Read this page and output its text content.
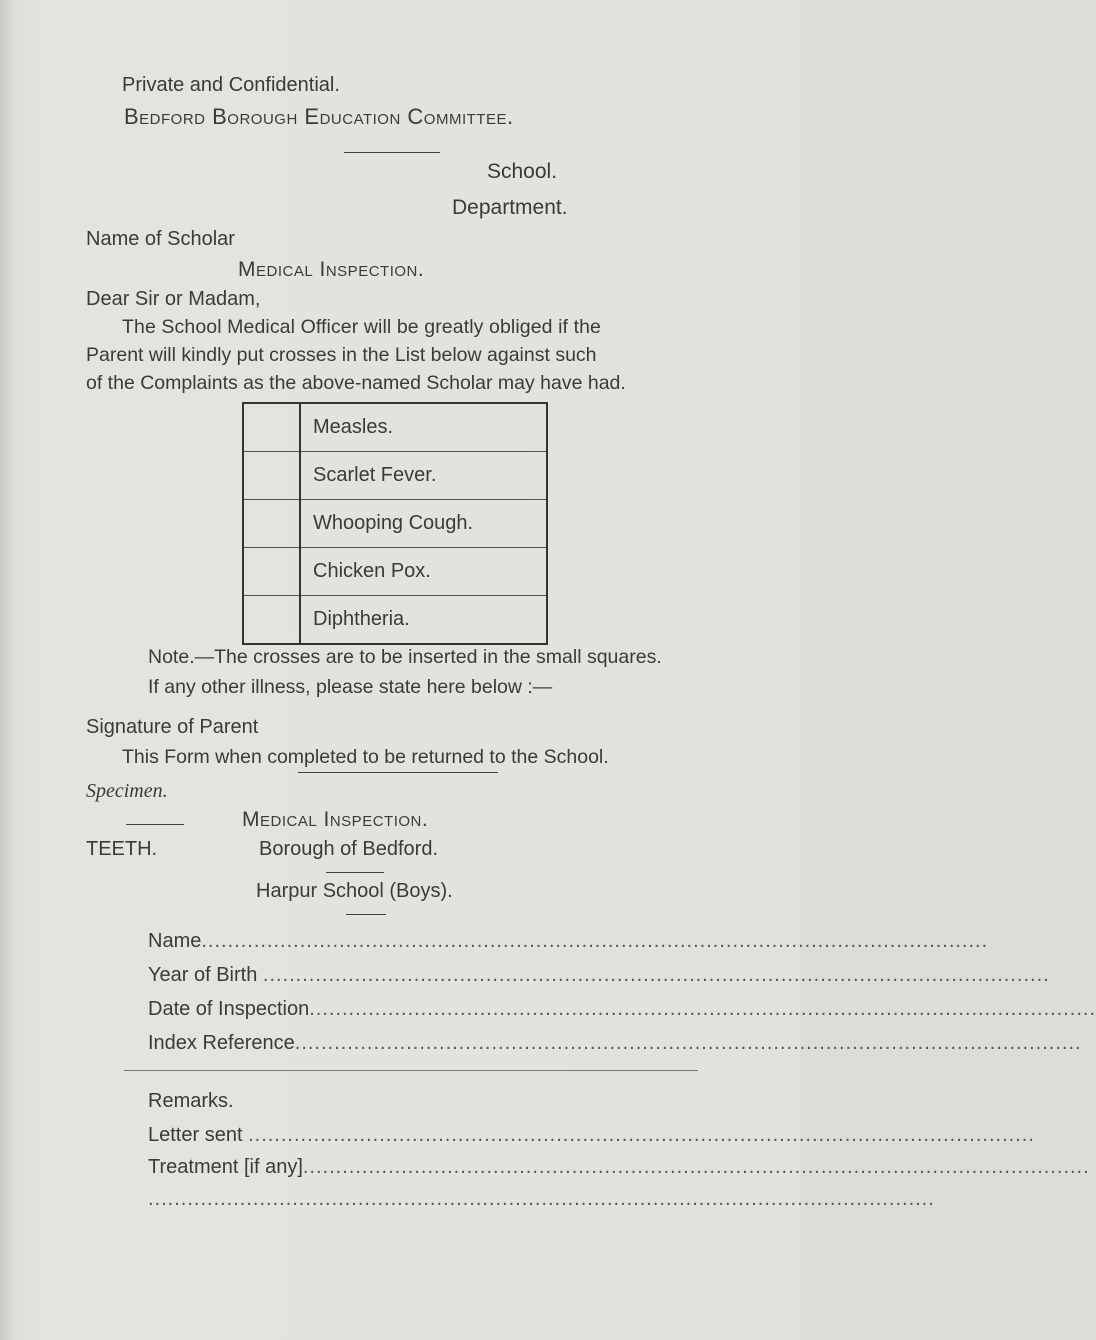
Private and Confidential.
Bedford Borough Education Committee.
School.
Department.
Name of Scholar
Medical Inspection.
Dear Sir or Madam,
The School Medical Officer will be greatly obliged if the
Parent will kindly put crosses in the List below against such
of the Complaints as the above-named Scholar may have had.
	Measles.
	Scarlet Fever.
	Whooping Cough.
	Chicken Pox.
	Diphtheria.
Note.—The crosses are to be inserted in the small squares.
If any other illness, please state here below :—
Signature of Parent
This Form when completed to be returned to the School.
Specimen.
Medical Inspection.
TEETH.	Borough of Bedford.
Harpur School (Boys).
Name........................................................................................................................
Year of Birth ........................................................................................................................
Date of Inspection........................................................................................................................
Index Reference........................................................................................................................
Remarks.
Letter sent ........................................................................................................................
Treatment [if any]........................................................................................................................
........................................................................................................................
